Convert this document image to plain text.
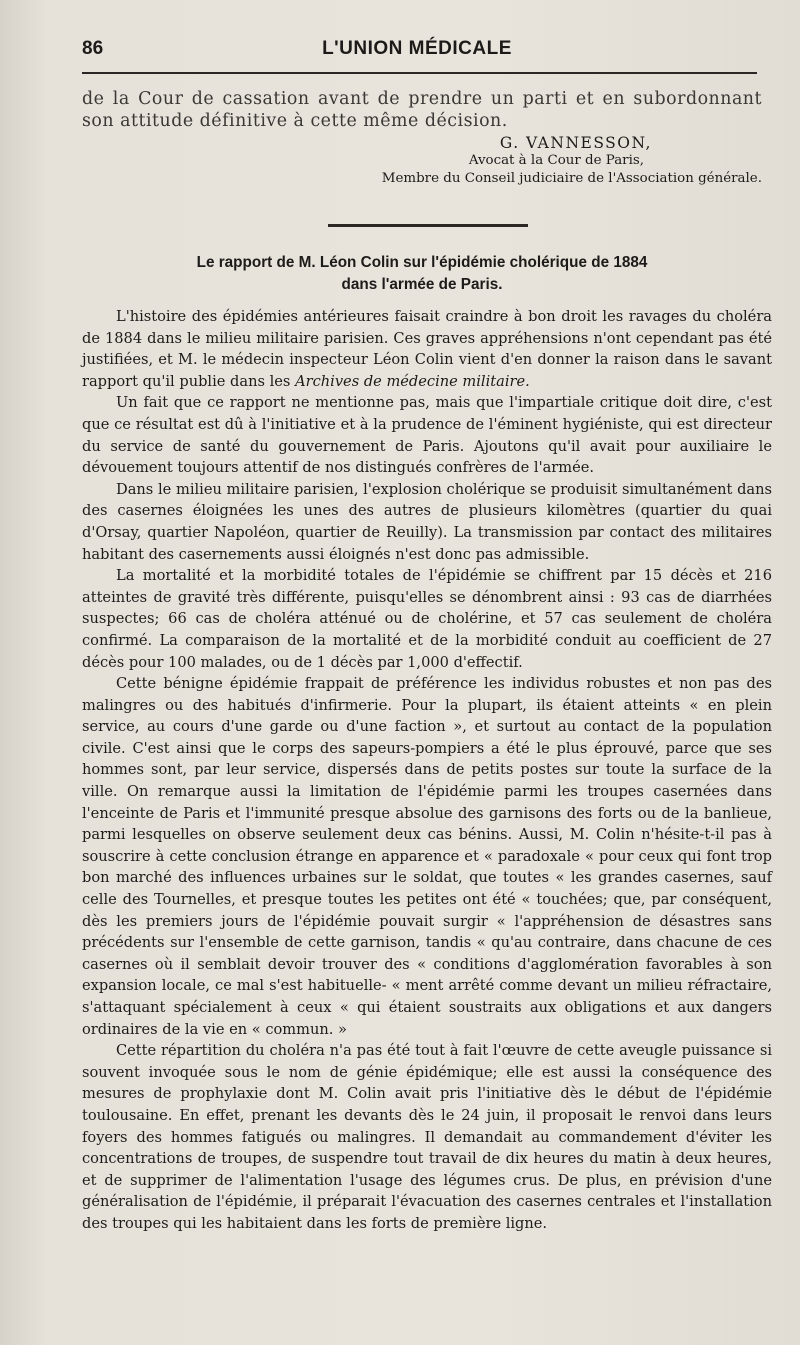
86	L'UNION MÉDICALE
de la Cour de cassation avant de prendre un parti et en subordonnant son attitude définitive à cette même décision.
G. VANNESSON,
Avocat à la Cour de Paris,
Membre du Conseil judiciaire de l'Association générale.
Le rapport de M. Léon Colin sur l'épidémie cholérique de 1884
dans l'armée de Paris.

L'histoire des épidémies antérieures faisait craindre à bon droit les ravages du choléra de 1884 dans le milieu militaire parisien. Ces graves appréhensions n'ont cependant pas été justifiées, et M. le médecin inspecteur Léon Colin vient d'en donner la raison dans le savant rapport qu'il publie dans les Archives de médecine militaire.

Un fait que ce rapport ne mentionne pas, mais que l'impartiale critique doit dire, c'est que ce résultat est dû à l'initiative et à la prudence de l'éminent hygiéniste, qui est directeur du service de santé du gouvernement de Paris. Ajoutons qu'il avait pour auxiliaire le dévouement toujours attentif de nos distingués confrères de l'armée.

Dans le milieu militaire parisien, l'explosion cholérique se produisit simultanément dans des casernes éloignées les unes des autres de plusieurs kilomètres (quartier du quai d'Orsay, quartier Napoléon, quartier de Reuilly). La transmission par contact des militaires habitant des casernements aussi éloignés n'est donc pas admissible.

La mortalité et la morbidité totales de l'épidémie se chiffrent par 15 décès et 216 atteintes de gravité très différente, puisqu'elles se dénombrent ainsi : 93 cas de diarrhées suspectes; 66 cas de choléra atténué ou de cholérine, et 57 cas seulement de choléra confirmé. La comparaison de la mortalité et de la morbidité conduit au coefficient de 27 décès pour 100 malades, ou de 1 décès par 1,000 d'effectif.

Cette bénigne épidémie frappait de préférence les individus robustes et non pas des malingres ou des habitués d'infirmerie. Pour la plupart, ils étaient atteints « en plein service, au cours d'une garde ou d'une faction », et surtout au contact de la population civile. C'est ainsi que le corps des sapeurs-pompiers a été le plus éprouvé, parce que ses hommes sont, par leur service, dispersés dans de petits postes sur toute la surface de la ville. On remarque aussi la limitation de l'épidémie parmi les troupes casernées dans l'enceinte de Paris et l'immunité presque absolue des garnisons des forts ou de la banlieue, parmi lesquelles on observe seulement deux cas bénins. Aussi, M. Colin n'hésite-t-il pas à souscrire à cette conclusion étrange en apparence et « paradoxale « pour ceux qui font trop bon marché des influences urbaines sur le soldat, que toutes « les grandes casernes, sauf celle des Tournelles, et presque toutes les petites ont été « touchées; que, par conséquent, dès les premiers jours de l'épidémie pouvait surgir « l'appréhension de désastres sans précédents sur l'ensemble de cette garnison, tandis « qu'au contraire, dans chacune de ces casernes où il semblait devoir trouver des « conditions d'agglomération favorables à son expansion locale, ce mal s'est habituelle- « ment arrêté comme devant un milieu réfractaire, s'attaquant spécialement à ceux « qui étaient soustraits aux obligations et aux dangers ordinaires de la vie en « commun. »

Cette répartition du choléra n'a pas été tout à fait l'œuvre de cette aveugle puissance si souvent invoquée sous le nom de génie épidémique; elle est aussi la conséquence des mesures de prophylaxie dont M. Colin avait pris l'initiative dès le début de l'épidémie toulousaine. En effet, prenant les devants dès le 24 juin, il proposait le renvoi dans leurs foyers des hommes fatigués ou malingres. Il demandait au commandement d'éviter les concentrations de troupes, de suspendre tout travail de dix heures du matin à deux heures, et de supprimer de l'alimentation l'usage des légumes crus. De plus, en prévision d'une généralisation de l'épidémie, il préparait l'évacuation des casernes centrales et l'installation des troupes qui les habitaient dans les forts de première ligne.
